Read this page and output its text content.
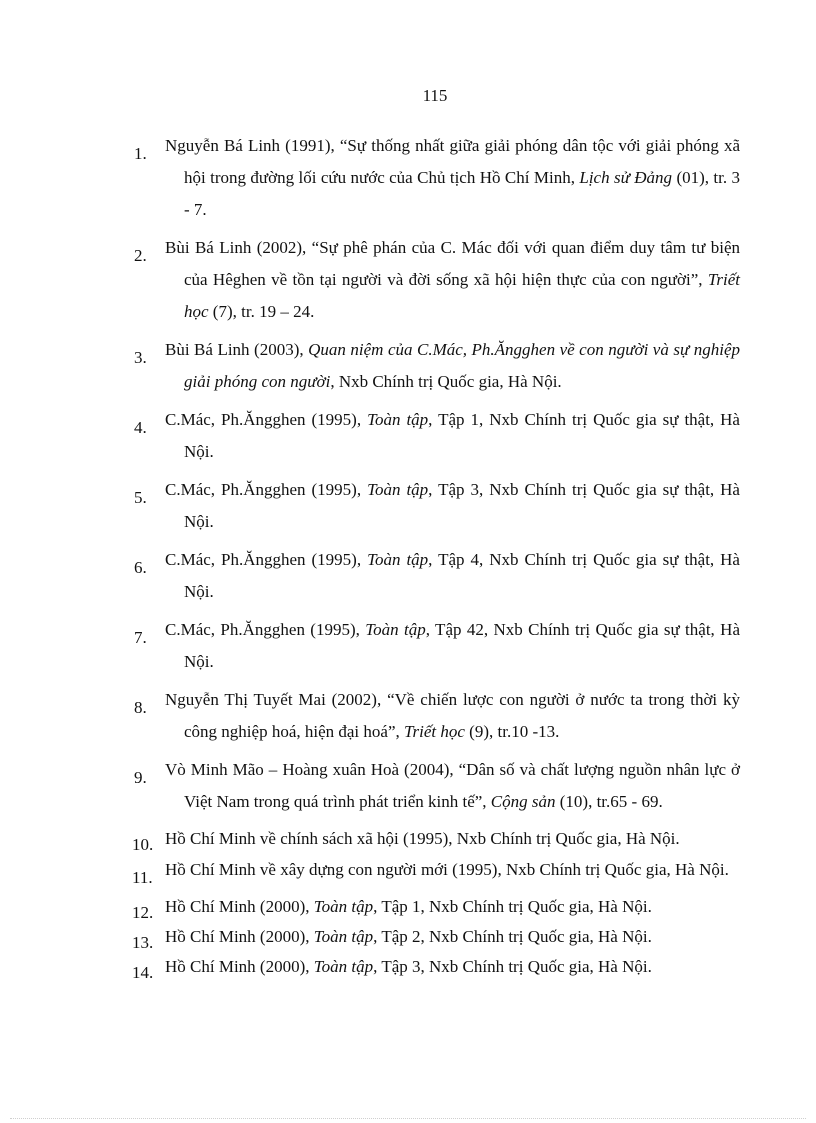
115
1. Nguyễn Bá Linh (1991), “Sự thống nhất giữa giải phóng dân tộc với giải phóng xã hội trong đường lối cứu nước của Chủ tịch Hồ Chí Minh, Lịch sử Đảng (01), tr. 3 - 7.
2. Bùi Bá Linh (2002), “Sự phê phán của C. Mác đối với quan điểm duy tâm tư biện của Hêghen về tồn tại người và đời sống xã hội hiện thực của con người”, Triết học (7), tr. 19 – 24.
3. Bùi Bá Linh (2003), Quan niệm của C.Mác, Ph.Ăngghen về con người và sự nghiệp giải phóng con người, Nxb Chính trị Quốc gia, Hà Nội.
4. C.Mác, Ph.Ăngghen (1995), Toàn tập, Tập 1, Nxb Chính trị Quốc gia sự thật, Hà Nội.
5. C.Mác, Ph.Ăngghen (1995), Toàn tập, Tập 3, Nxb Chính trị Quốc gia sự thật, Hà Nội.
6. C.Mác, Ph.Ăngghen (1995), Toàn tập, Tập 4, Nxb Chính trị Quốc gia sự thật, Hà Nội.
7. C.Mác, Ph.Ăngghen (1995), Toàn tập, Tập 42, Nxb Chính trị Quốc gia sự thật, Hà Nội.
8. Nguyễn Thị Tuyết Mai (2002), “Về chiến lược con người ở nước ta trong thời kỳ công nghiệp hoá, hiện đại hoá”, Triết học (9), tr.10 -13.
9. Vò Minh Mão – Hoàng xuân Hoà (2004), “Dân số và chất lượng nguồn nhân lực ở Việt Nam trong quá trình phát triển kinh tế”, Cộng sản (10), tr.65 - 69.
10. Hồ Chí Minh về chính sách xã hội (1995), Nxb Chính trị Quốc gia, Hà Nội.
11. Hồ Chí Minh về xây dựng con người mới (1995), Nxb Chính trị Quốc gia, Hà Nội.
12. Hồ Chí Minh (2000), Toàn tập, Tập 1, Nxb Chính trị Quốc gia, Hà Nội.
13. Hồ Chí Minh (2000), Toàn tập, Tập 2, Nxb Chính trị Quốc gia, Hà Nội.
14. Hồ Chí Minh (2000), Toàn tập, Tập 3, Nxb Chính trị Quốc gia, Hà Nội.
